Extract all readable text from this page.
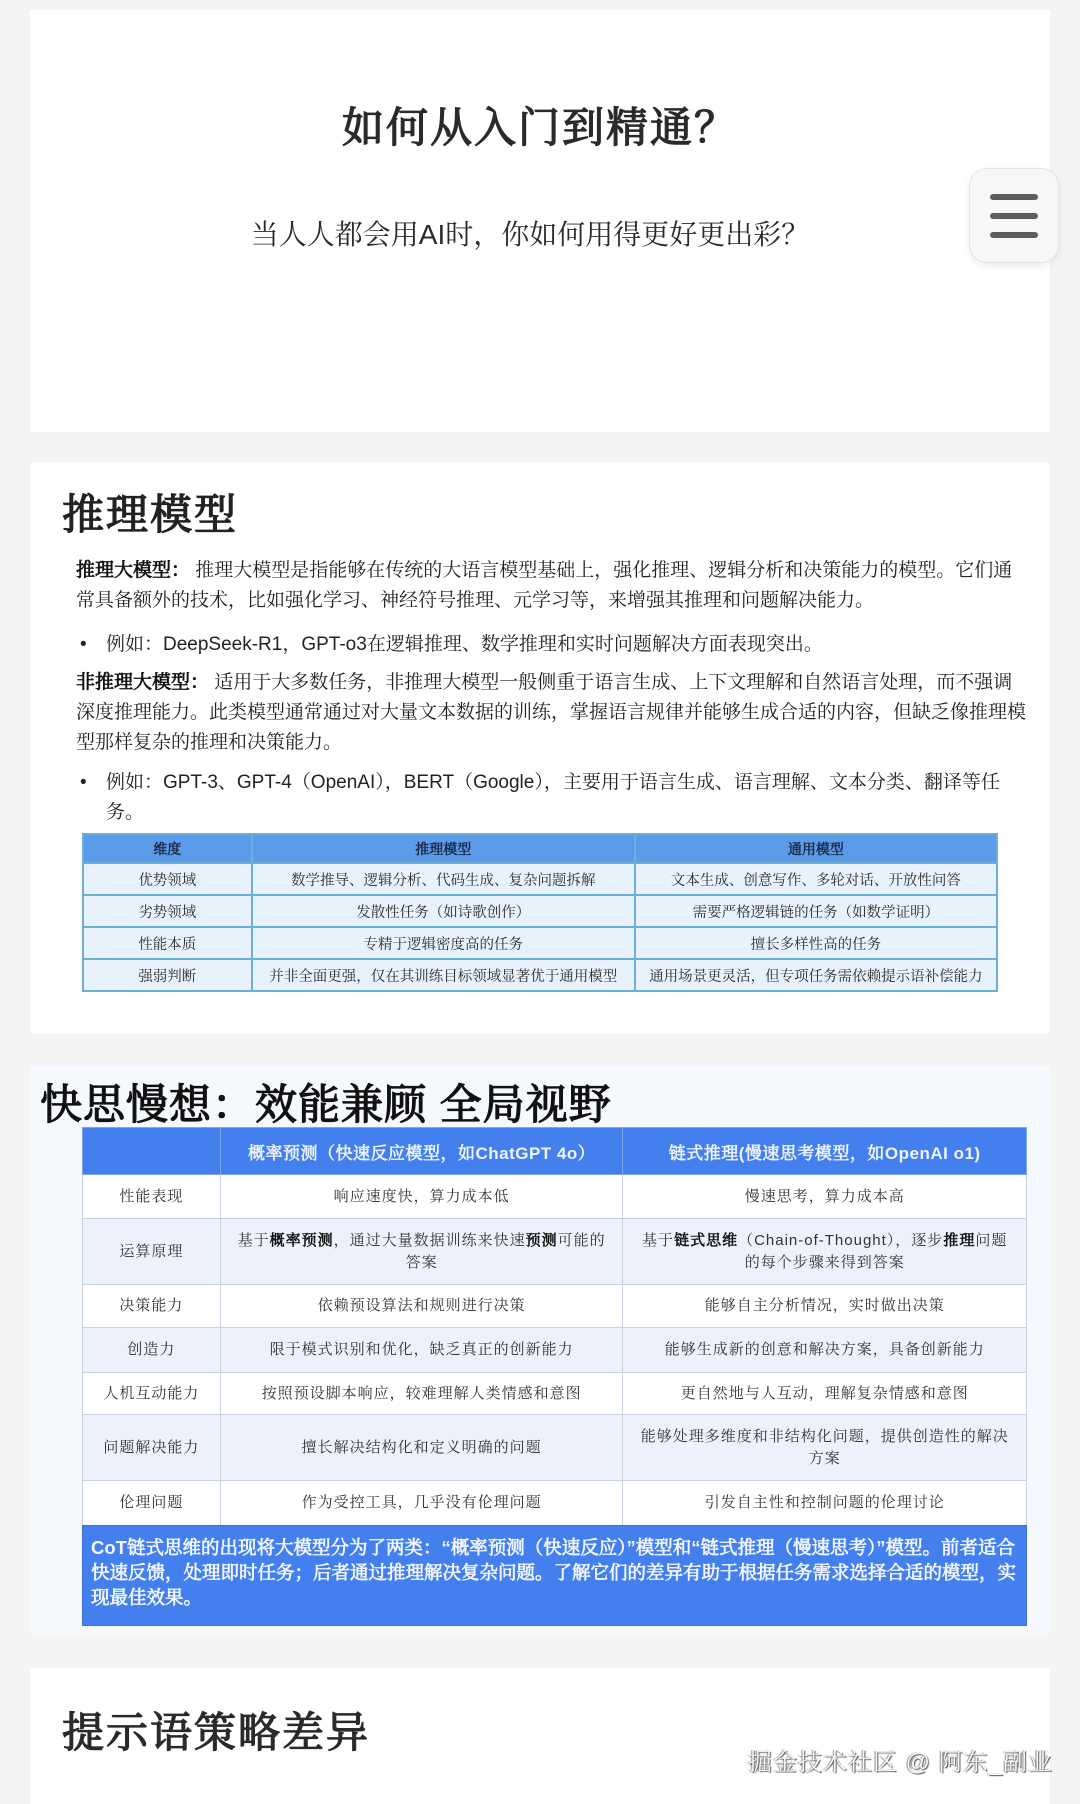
如何从入门到精通？
当人人都会用AI时，你如何用得更好更出彩？
推理模型
推理大模型： 推理大模型是指能够在传统的大语言模型基础上，强化推理、逻辑分析和决策能力的模型。它们通常具备额外的技术，比如强化学习、神经符号推理、元学习等，来增强其推理和问题解决能力。
• 例如：DeepSeek-R1，GPT-o3在逻辑推理、数学推理和实时问题解决方面表现突出。
非推理大模型： 适用于大多数任务，非推理大模型一般侧重于语言生成、上下文理解和自然语言处理，而不强调深度推理能力。此类模型通常通过对大量文本数据的训练，掌握语言规律并能够生成合适的内容，但缺乏像推理模型那样复杂的推理和决策能力。
• 例如：GPT-3、GPT-4（OpenAI），BERT（Google），主要用于语言生成、语言理解、文本分类、翻译等任务。
维度	推理模型	通用模型
优势领域	数学推导、逻辑分析、代码生成、复杂问题拆解	文本生成、创意写作、多轮对话、开放性问答
劣势领域	发散性任务（如诗歌创作）	需要严格逻辑链的任务（如数学证明）
性能本质	专精于逻辑密度高的任务	擅长多样性高的任务
强弱判断	并非全面更强，仅在其训练目标领域显著优于通用模型	通用场景更灵活，但专项任务需依赖提示语补偿能力
快思慢想：效能兼顾 全局视野
	概率预测（快速反应模型，如ChatGPT 4o）	链式推理(慢速思考模型，如OpenAI o1)
性能表现	响应速度快，算力成本低	慢速思考，算力成本高
运算原理	基于概率预测，通过大量数据训练来快速预测可能的答案	基于链式思维（Chain-of-Thought），逐步推理问题的每个步骤来得到答案
决策能力	依赖预设算法和规则进行决策	能够自主分析情况，实时做出决策
创造力	限于模式识别和优化，缺乏真正的创新能力	能够生成新的创意和解决方案，具备创新能力
人机互动能力	按照预设脚本响应，较难理解人类情感和意图	更自然地与人互动，理解复杂情感和意图
问题解决能力	擅长解决结构化和定义明确的问题	能够处理多维度和非结构化问题，提供创造性的解决方案
伦理问题	作为受控工具，几乎没有伦理问题	引发自主性和控制问题的伦理讨论
CoT链式思维的出现将大模型分为了两类：“概率预测（快速反应）”模型和“链式推理（慢速思考）”模型。前者适合快速反馈，处理即时任务；后者通过推理解决复杂问题。了解它们的差异有助于根据任务需求选择合适的模型，实现最佳效果。
提示语策略差异
掘金技术社区 @ 阿东_副业
